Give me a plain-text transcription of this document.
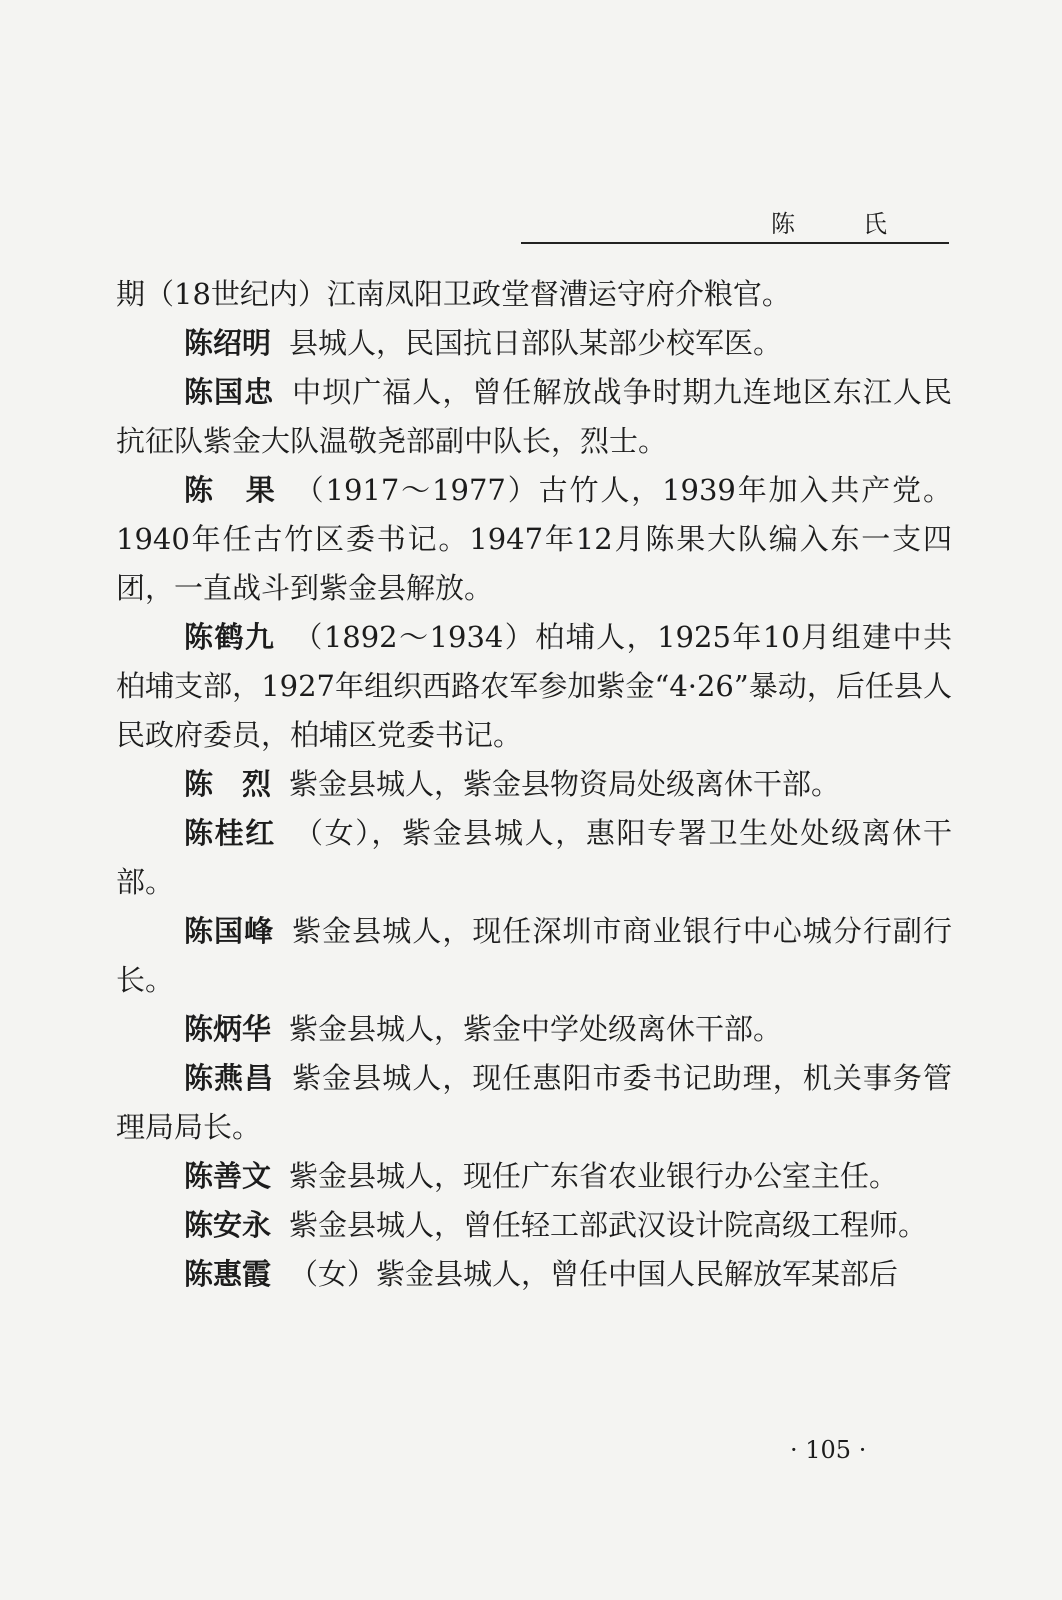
陈　氏

期（18世纪内）江南凤阳卫政堂督漕运守府介粮官。

陈绍明 县城人，民国抗日部队某部少校军医。

陈国忠 中坝广福人，曾任解放战争时期九连地区东江人民抗征队紫金大队温敬尧部副中队长，烈士。

陈　果 （1917～1977）古竹人，1939年加入共产党。1940年任古竹区委书记。1947年12月陈果大队编入东一支四团，一直战斗到紫金县解放。

陈鹤九 （1892～1934）柏埔人，1925年10月组建中共柏埔支部，1927年组织西路农军参加紫金“4·26”暴动，后任县人民政府委员，柏埔区党委书记。

陈　烈 紫金县城人，紫金县物资局处级离休干部。

陈桂红 （女），紫金县城人，惠阳专署卫生处处级离休干部。

陈国峰 紫金县城人，现任深圳市商业银行中心城分行副行长。

陈炳华 紫金县城人，紫金中学处级离休干部。

陈燕昌 紫金县城人，现任惠阳市委书记助理，机关事务管理局局长。

陈善文 紫金县城人，现任广东省农业银行办公室主任。

陈安永 紫金县城人，曾任轻工部武汉设计院高级工程师。

陈惠霞 （女）紫金县城人，曾任中国人民解放军某部后

· 105 ·
